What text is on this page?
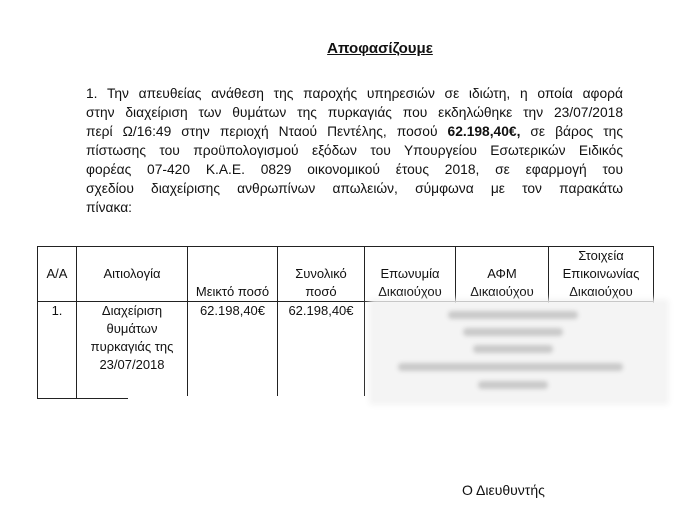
Αποφασίζουμε
1. Την απευθείας ανάθεση της παροχής υπηρεσιών σε ιδιώτη, η οποία αφορά
στην διαχείριση των θυμάτων της πυρκαγιάς που εκδηλώθηκε την 23/07/2018
περί Ω/16:49 στην περιοχή Νταού Πεντέλης, ποσού 62.198,40€, σε βάρος της
πίστωσης του προϋπολογισμού εξόδων του Υπουργείου Εσωτερικών Ειδικός
φορέας 07-420 Κ.Α.Ε. 0829 οικονομικού έτους 2018, σε εφαρμογή του
σχεδίου διαχείρισης ανθρωπίνων απωλειών, σύμφωνα με τον παρακάτω
πίνακα:
Α/Α	Αιτιολογία	Μεικτό ποσό	Συνολικό ποσό	Επωνυμία Δικαιούχου	ΑΦΜ Δικαιούχου	Στοιχεία Επικοινωνίας Δικαιούχου
1.	Διαχείριση θυμάτων πυρκαγιάς της 23/07/2018	62.198,40€	62.198,40€			
Ο Διευθυντής
